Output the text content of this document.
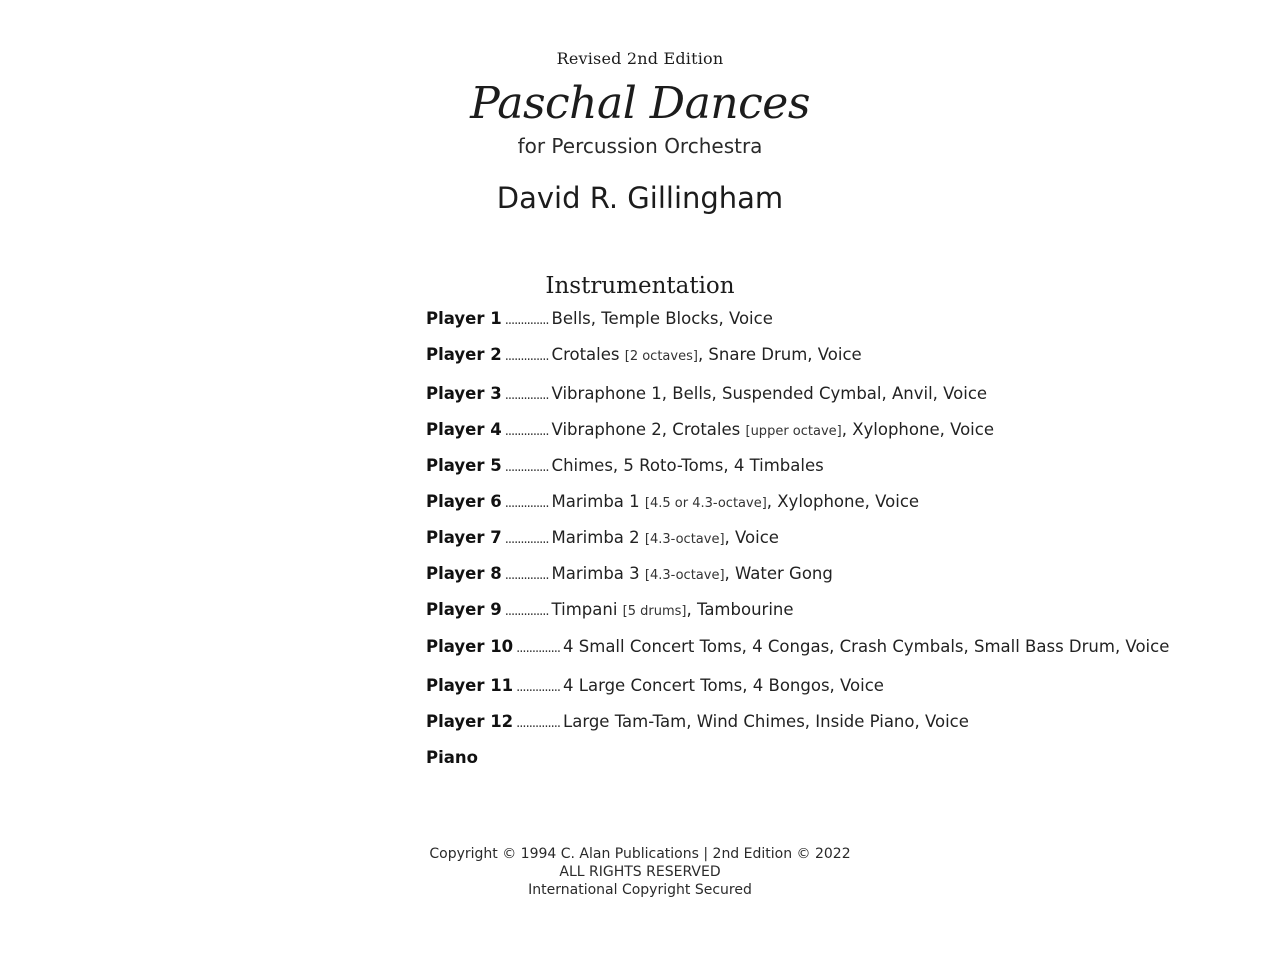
Revised 2nd Edition
Paschal Dances
for Percussion Orchestra
David R. Gillingham
Instrumentation
Player 1 .............. Bells, Temple Blocks, Voice
Player 2 .............. Crotales
[2 octaves] , Snare Drum, Voice
Player 3 .............. Vibraphone 1, Bells, Suspended Cymbal, Anvil, Voice
Player 4 .............. Vibraphone 2, Crotales
[upper octave] , Xylophone, Voice
Player 5 .............. Chimes, 5 Roto-Toms, 4 Timbales
Player 6 .............. Marimba 1
[4.5 or 4.3-octave] , Xylophone, Voice
Player 7 .............. Marimba 2
[4.3-octave] , Voice
Player 8 .............. Marimba 3
[4.3-octave] , Water Gong
Player 9 .............. Timpani
[5 drums] , Tambourine
Player 10 .............. 4 Small Concert Toms, 4 Congas, Crash Cymbals, Small Bass Drum, Voice
Player 11 .............. 4 Large Concert Toms, 4 Bongos, Voice
Player 12 .............. Large Tam-Tam, Wind Chimes, Inside Piano, Voice
Piano
Copyright © 1994 C. Alan Publications | 2nd Edition © 2022
ALL RIGHTS RESERVED
International Copyright Secured
